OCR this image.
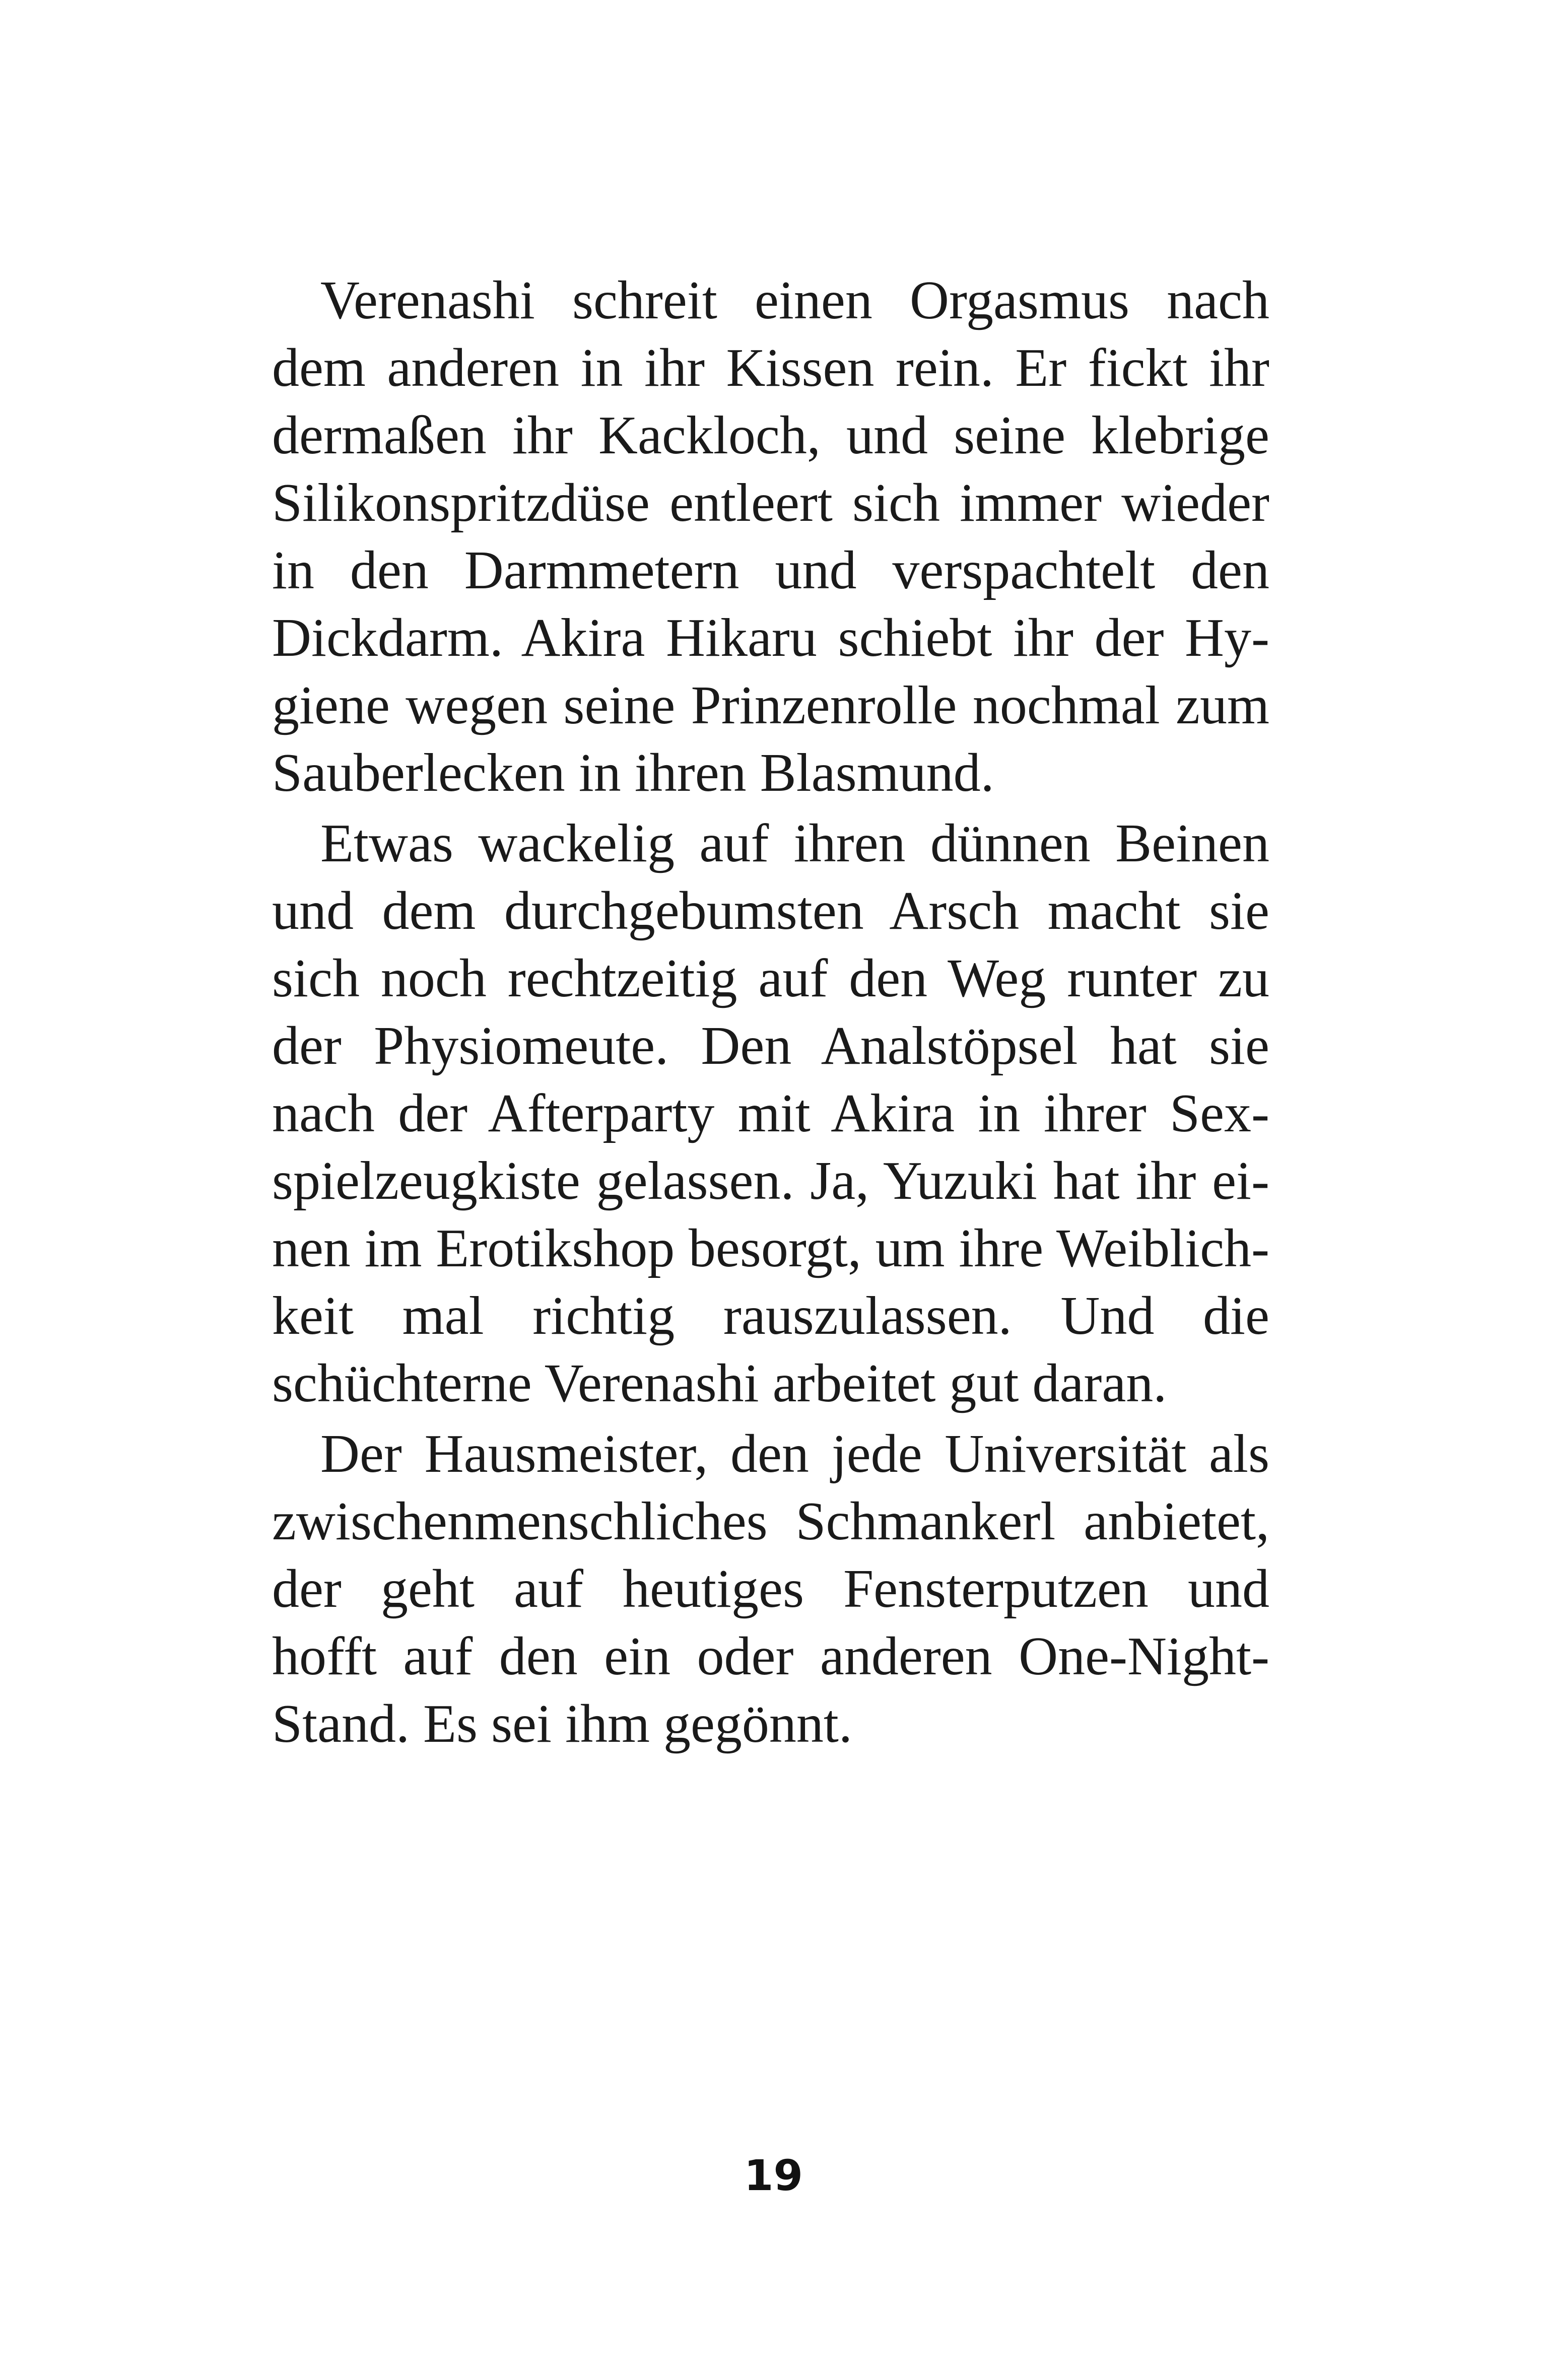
Verenashi schreit einen Orgasmus nach
dem anderen in ihr Kissen rein. Er fickt ihr
dermaßen ihr Kackloch, und seine klebrige
Silikonspritzdüse entleert sich immer wieder
in den Darmmetern und verspachtelt den
Dickdarm. Akira Hikaru schiebt ihr der Hy-
giene wegen seine Prinzenrolle nochmal zum
Sauberlecken in ihren Blasmund.
Etwas wackelig auf ihren dünnen Beinen
und dem durchgebumsten Arsch macht sie
sich noch rechtzeitig auf den Weg runter zu
der Physiomeute. Den Analstöpsel hat sie
nach der Afterparty mit Akira in ihrer Sex-
spielzeugkiste gelassen. Ja, Yuzuki hat ihr ei-
nen im Erotikshop besorgt, um ihre Weiblich-
keit mal richtig rauszulassen. Und die
schüchterne Verenashi arbeitet gut daran.
Der Hausmeister, den jede Universität als
zwischenmenschliches Schmankerl anbietet,
der geht auf heutiges Fensterputzen und
hofft auf den ein oder anderen One-Night-
Stand. Es sei ihm gegönnt.
19
